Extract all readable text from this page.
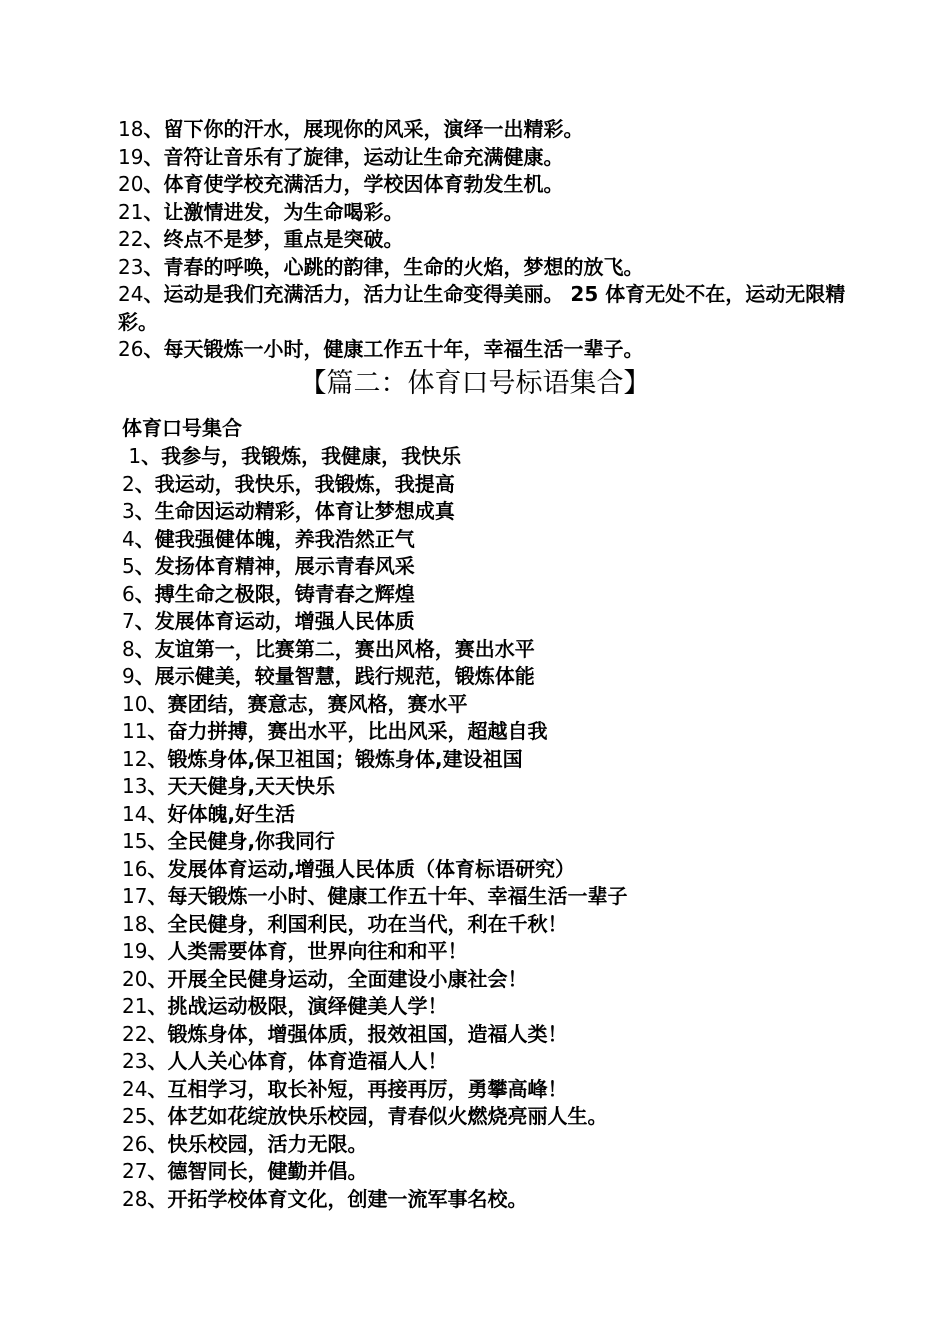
18、留下你的汗水，展现你的风采，演绎一出精彩。
19、音符让音乐有了旋律，运动让生命充满健康。
20、体育使学校充满活力，学校因体育勃发生机。
21、让激情进发，为生命喝彩。
22、终点不是梦，重点是突破。
23、青春的呼唤，心跳的韵律，生命的火焰，梦想的放飞。
24、运动是我们充满活力，活力让生命变得美丽。 25 体育无处不在，运动无限精彩。
26、每天锻炼一小时，健康工作五十年，幸福生活一辈子。
【篇二：体育口号标语集合】
体育口号集合
1、我参与，我锻炼，我健康，我快乐
2、我运动，我快乐，我锻炼，我提高
3、生命因运动精彩，体育让梦想成真
4、健我强健体魄，养我浩然正气
5、发扬体育精神，展示青春风采
6、搏生命之极限，铸青春之辉煌
7、发展体育运动，增强人民体质
8、友谊第一，比赛第二，赛出风格，赛出水平
9、展示健美，较量智慧，践行规范，锻炼体能
10、赛团结，赛意志，赛风格，赛水平
11、奋力拼搏，赛出水平，比出风采，超越自我
12、锻炼身体,保卫祖国；锻炼身体,建设祖国
13、天天健身,天天快乐
14、好体魄,好生活
15、全民健身,你我同行
16、发展体育运动,增强人民体质（体育标语研究）
17、每天锻炼一小时、健康工作五十年、幸福生活一辈子
18、全民健身，利国利民，功在当代，利在千秋！
19、人类需要体育，世界向往和和平！
20、开展全民健身运动，全面建设小康社会！
21、挑战运动极限，演绎健美人学！
22、锻炼身体，增强体质，报效祖国，造福人类！
23、人人关心体育，体育造福人人！
24、互相学习，取长补短，再接再厉，勇攀高峰！
25、体艺如花绽放快乐校园，青春似火燃烧亮丽人生。
26、快乐校园，活力无限。
27、德智同长，健勤并倡。
28、开拓学校体育文化，创建一流军事名校。
